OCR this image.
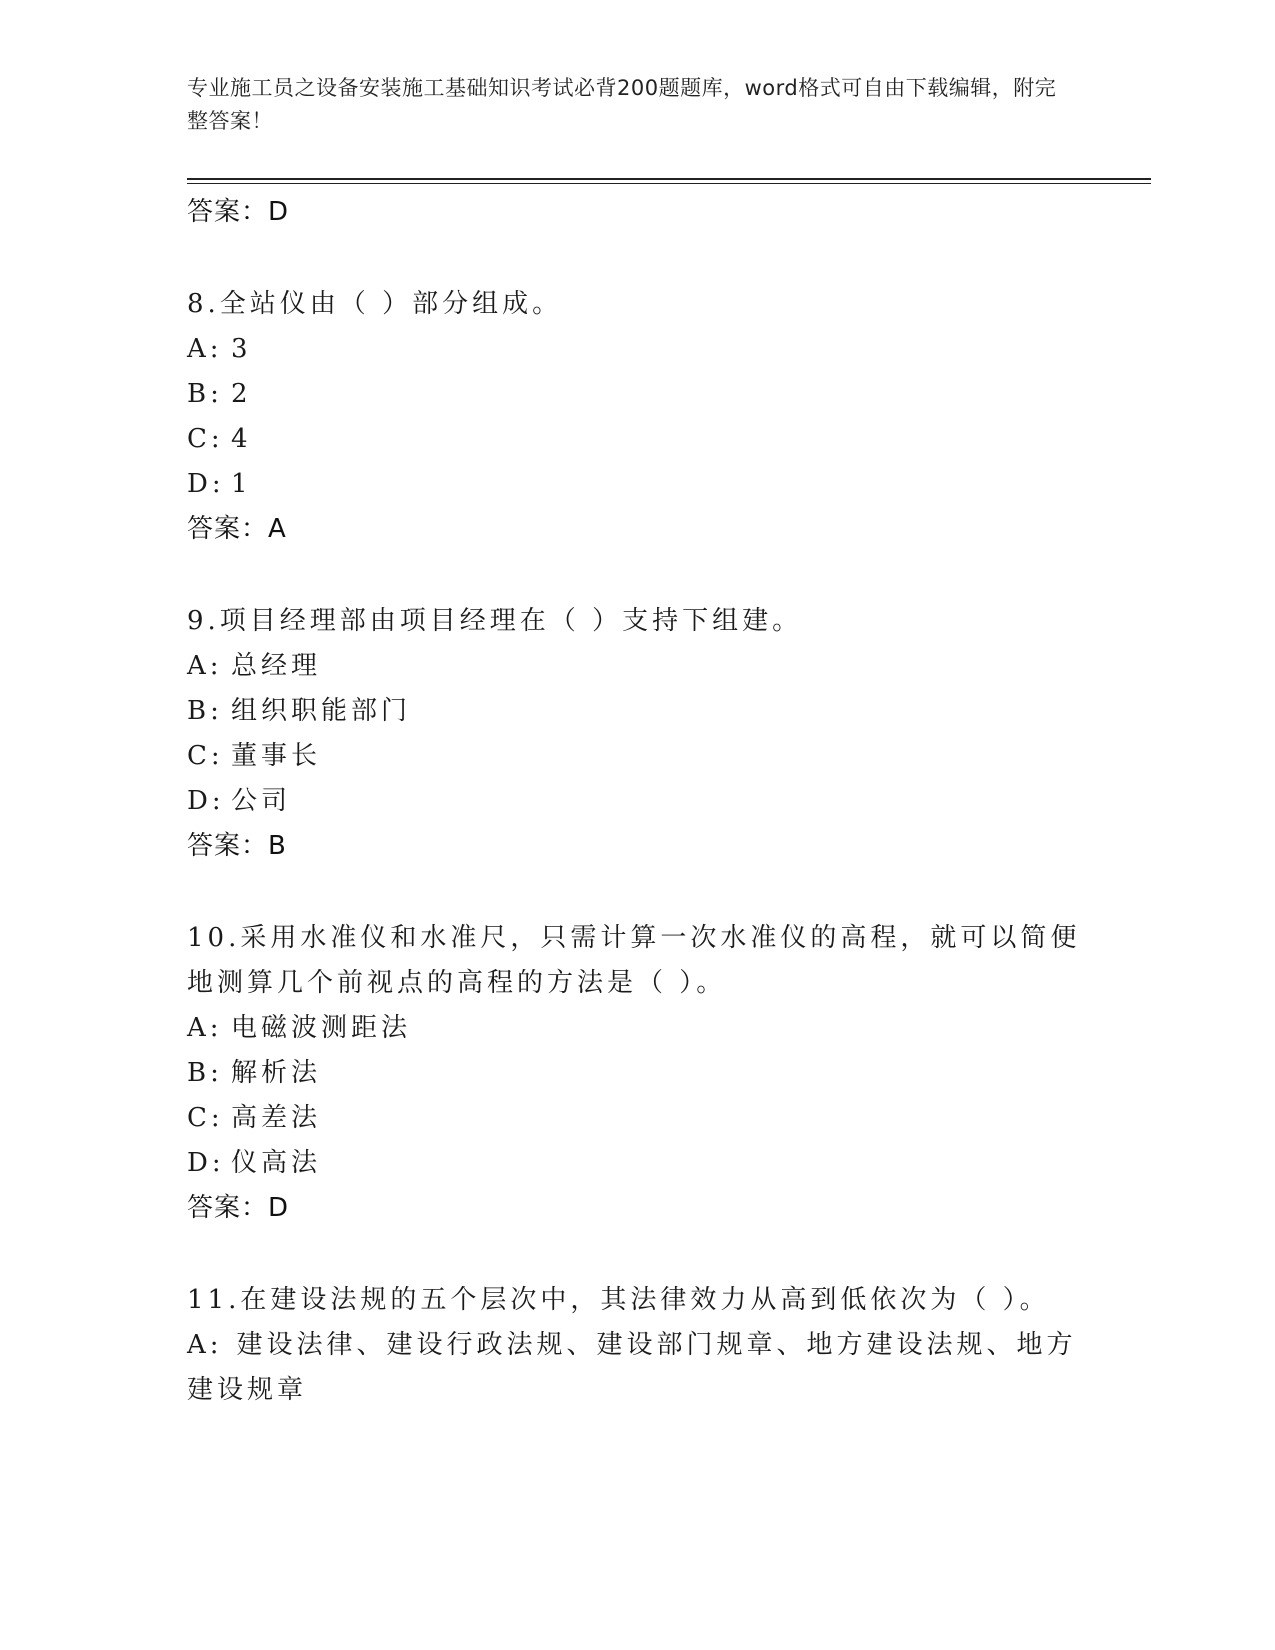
专业施工员之设备安装施工基础知识考试必背200题题库，word格式可自由下载编辑，附完整答案！
答案：D
8.全站仪由（ ）部分组成。
A: 3
B: 2
C: 4
D: 1
答案：A
9.项目经理部由项目经理在（ ）支持下组建。
A: 总经理
B: 组织职能部门
C: 董事长
D: 公司
答案：B
10.采用水准仪和水准尺，只需计算一次水准仪的高程，就可以简便地测算几个前视点的高程的方法是（ ）。
A: 电磁波测距法
B: 解析法
C: 高差法
D: 仪高法
答案：D
11.在建设法规的五个层次中，其法律效力从高到低依次为（ ）。
A: 建设法律、建设行政法规、建设部门规章、地方建设法规、地方建设规章
